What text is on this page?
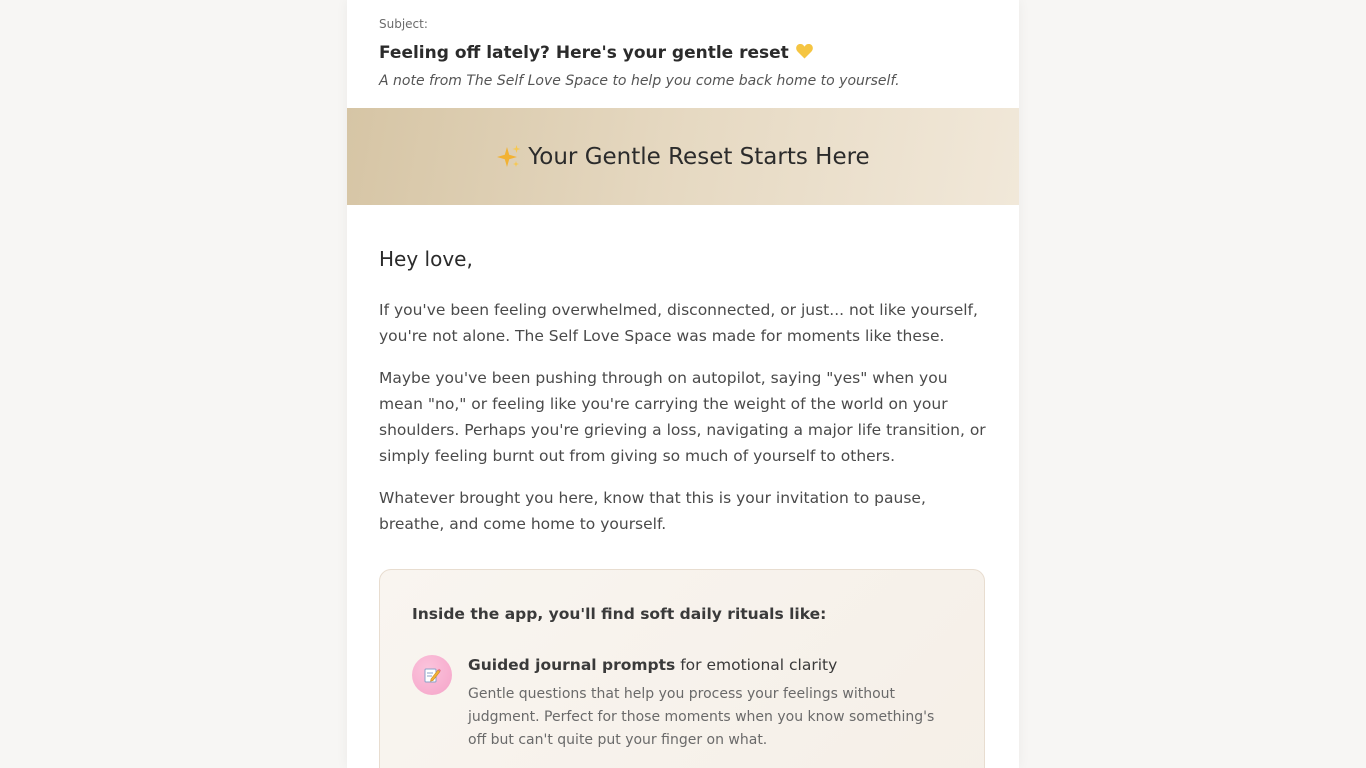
Subject:
Feeling off lately? Here's your gentle reset
A note from The Self Love Space to help you come back home to yourself.
Your Gentle Reset Starts Here

Hey love,

If you've been feeling overwhelmed, disconnected, or just... not like yourself, you're not alone. The Self Love Space was made for moments like these.

Maybe you've been pushing through on autopilot, saying "yes" when you mean "no," or feeling like you're carrying the weight of the world on your shoulders. Perhaps you're grieving a loss, navigating a major life transition, or simply feeling burnt out from giving so much of yourself to others.

Whatever brought you here, know that this is your invitation to pause, breathe, and come home to yourself.

Inside the app, you'll find soft daily rituals like:

Guided journal prompts for emotional clarity
Gentle questions that help you process your feelings without judgment. Perfect for those moments when you know something's off but can't quite put your finger on what.
